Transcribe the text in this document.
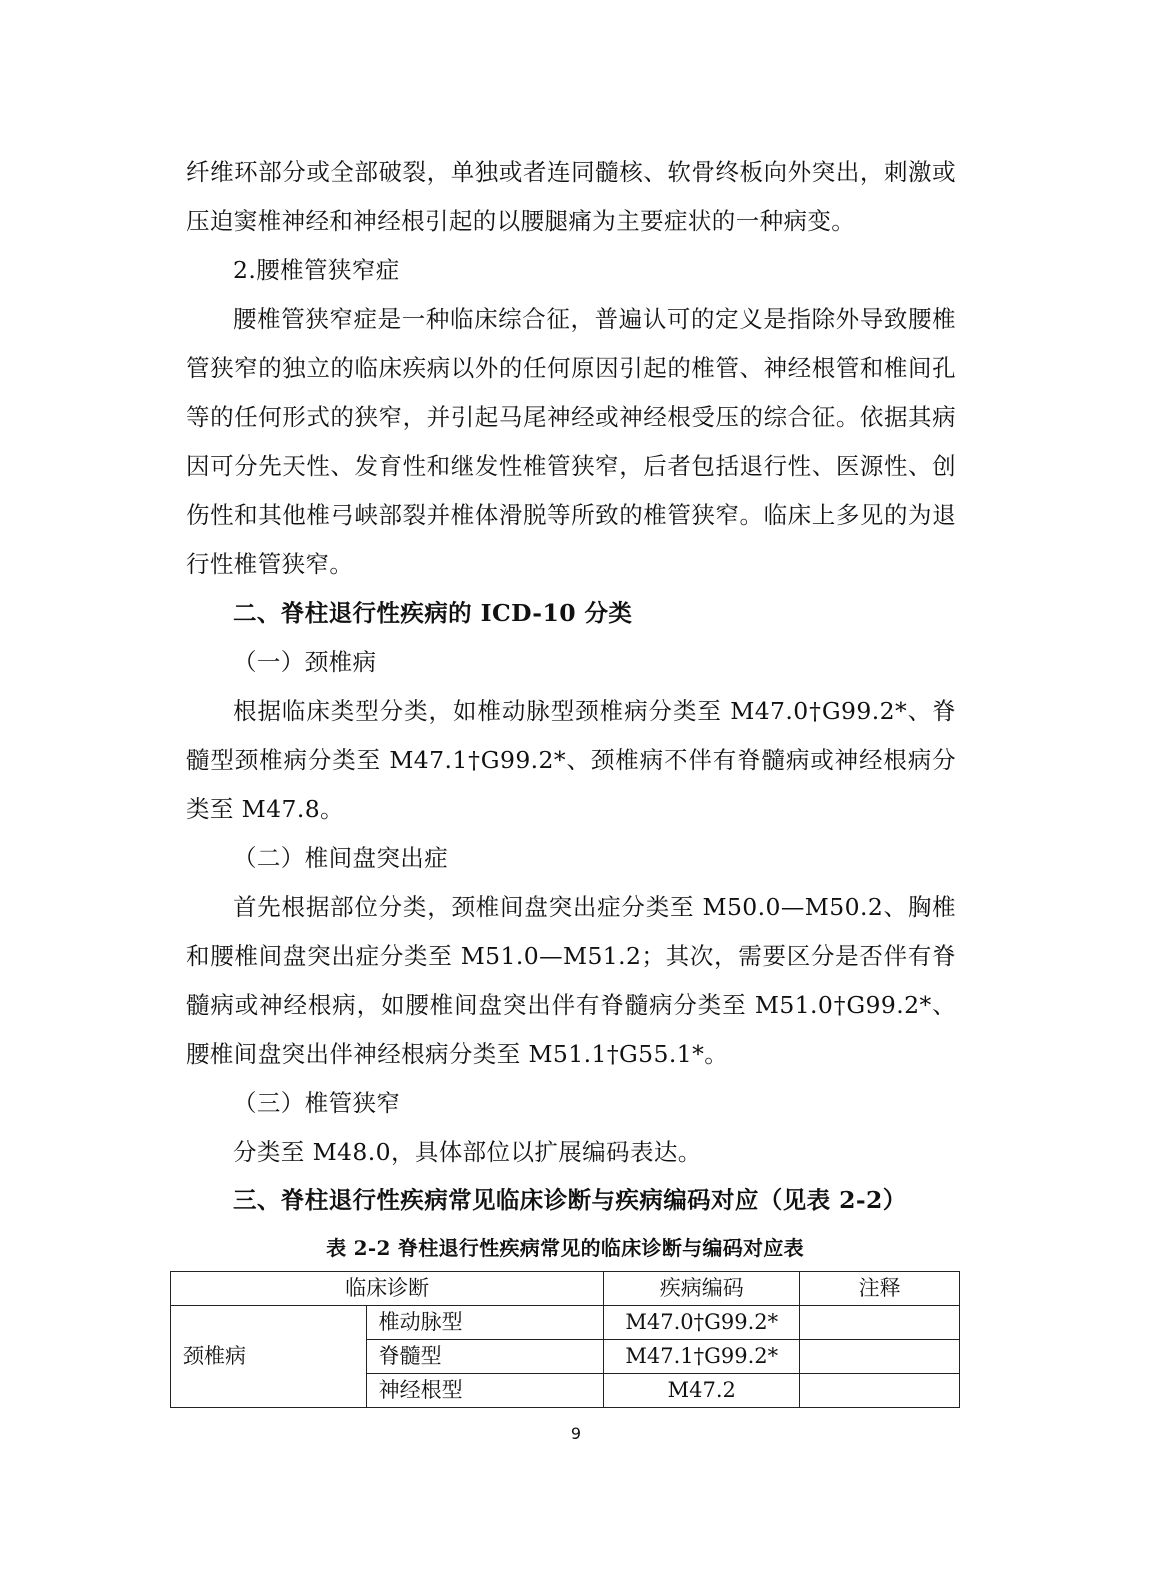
纤维环部分或全部破裂，单独或者连同髓核、软骨终板向外突出，刺激或压迫窦椎神经和神经根引起的以腰腿痛为主要症状的一种病变。

2.腰椎管狭窄症

腰椎管狭窄症是一种临床综合征，普遍认可的定义是指除外导致腰椎管狭窄的独立的临床疾病以外的任何原因引起的椎管、神经根管和椎间孔等的任何形式的狭窄，并引起马尾神经或神经根受压的综合征。依据其病因可分先天性、发育性和继发性椎管狭窄，后者包括退行性、医源性、创伤性和其他椎弓峡部裂并椎体滑脱等所致的椎管狭窄。临床上多见的为退行性椎管狭窄。

二、脊柱退行性疾病的 ICD-10 分类

（一）颈椎病

根据临床类型分类，如椎动脉型颈椎病分类至 M47.0†G99.2*、脊髓型颈椎病分类至 M47.1†G99.2*、颈椎病不伴有脊髓病或神经根病分类至 M47.8。

（二）椎间盘突出症

首先根据部位分类，颈椎间盘突出症分类至 M50.0—M50.2、胸椎和腰椎间盘突出症分类至 M51.0—M51.2；其次，需要区分是否伴有脊髓病或神经根病，如腰椎间盘突出伴有脊髓病分类至 M51.0†G99.2*、腰椎间盘突出伴神经根病分类至 M51.1†G55.1*。

（三）椎管狭窄

分类至 M48.0，具体部位以扩展编码表达。

三、脊柱退行性疾病常见临床诊断与疾病编码对应（见表 2-2）

表 2-2 脊柱退行性疾病常见的临床诊断与编码对应表

临床诊断		疾病编码	注释
颈椎病	椎动脉型	M47.0†G99.2*	
	脊髓型	M47.1†G99.2*	
	神经根型	M47.2	
9
